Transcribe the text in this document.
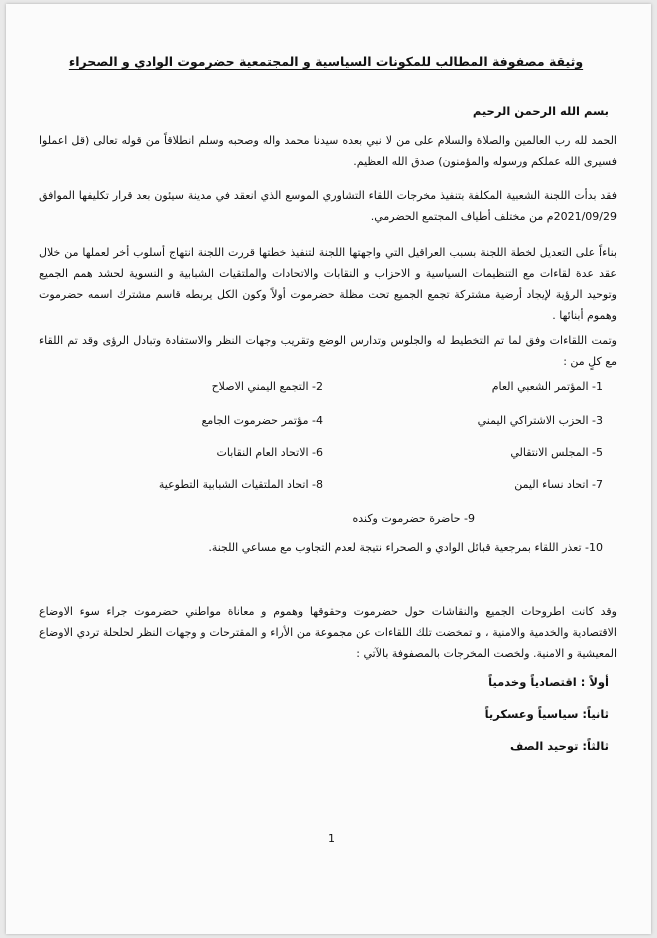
وثيقة مصفوفة المطالب للمكونات السياسية و المجتمعية حضرموت الوادي و الصحراء
بسم الله الرحمن الرحيم
الحمد لله رب العالمين والصلاة والسلام على من لا نبي بعده سيدنا محمد واله وصحبه وسلم انطلاقاً من قوله تعالى (قل اعملوا فسيرى الله عملكم ورسوله والمؤمنون) صدق الله العظيم.
فقد بدأت اللجنة الشعبية المكلفة بتنفيذ مخرجات اللقاء التشاوري الموسع الذي انعقد في مدينة سيئون بعد قرار تكليفها الموافق 2021/09/29م من مختلف أطياف المجتمع الحضرمي.
بناءاً على التعديل لخطة اللجنة بسبب العراقيل التي واجهتها اللجنة لتنفيذ خطتها قررت اللجنة انتهاج أسلوب أخر لعملها من خلال عقد عدة لقاءات مع التنظيمات السياسية و الاحزاب و النقابات والاتحادات والملتقيات الشبابية و النسوية لحشد همم الجميع وتوحيد الرؤية لإيجاد أرضية مشتركة تجمع الجميع تحت مظلة حضرموت أولاً وكون الكل يربطه قاسم مشترك اسمه حضرموت وهموم أبنائها .
وتمت اللقاءات وفق لما تم التخطيط له والجلوس وتدارس الوضع وتقريب وجهات النظر والاستفادة وتبادل الرؤى وقد تم اللقاء مع كلٍ من :
1- المؤتمر الشعبي العام
2- التجمع اليمني الاصلاح
3- الحزب الاشتراكي اليمني
4- مؤتمر حضرموت الجامع
5- المجلس الانتقالي
6- الاتحاد العام النقابات
7- اتحاد نساء اليمن
8- اتحاد الملتقيات الشبابية التطوعية
9- حاضرة حضرموت وكنده
10- تعذر اللقاء بمرجعية قبائل الوادي و الصحراء نتيجة لعدم التجاوب مع مساعي اللجنة.
وقد كانت اطروحات الجميع والنقاشات حول حضرموت وحقوقها وهموم و معاناة مواطني حضرموت جراء سوء الاوضاع الاقتصادية والخدمية والامنية ، و تمخضت تلك اللقاءات عن مجموعة من الأراء و المقترحات و وجهات النظر لحلحلة تردي الاوضاع المعيشية و الامنية. ولخصت المخرجات بالمصفوفة بالآتي :
أولاً : اقتصادياً وخدمياً
ثانياً: سياسياً وعسكرياً
ثالثاً: توحيد الصف
1
